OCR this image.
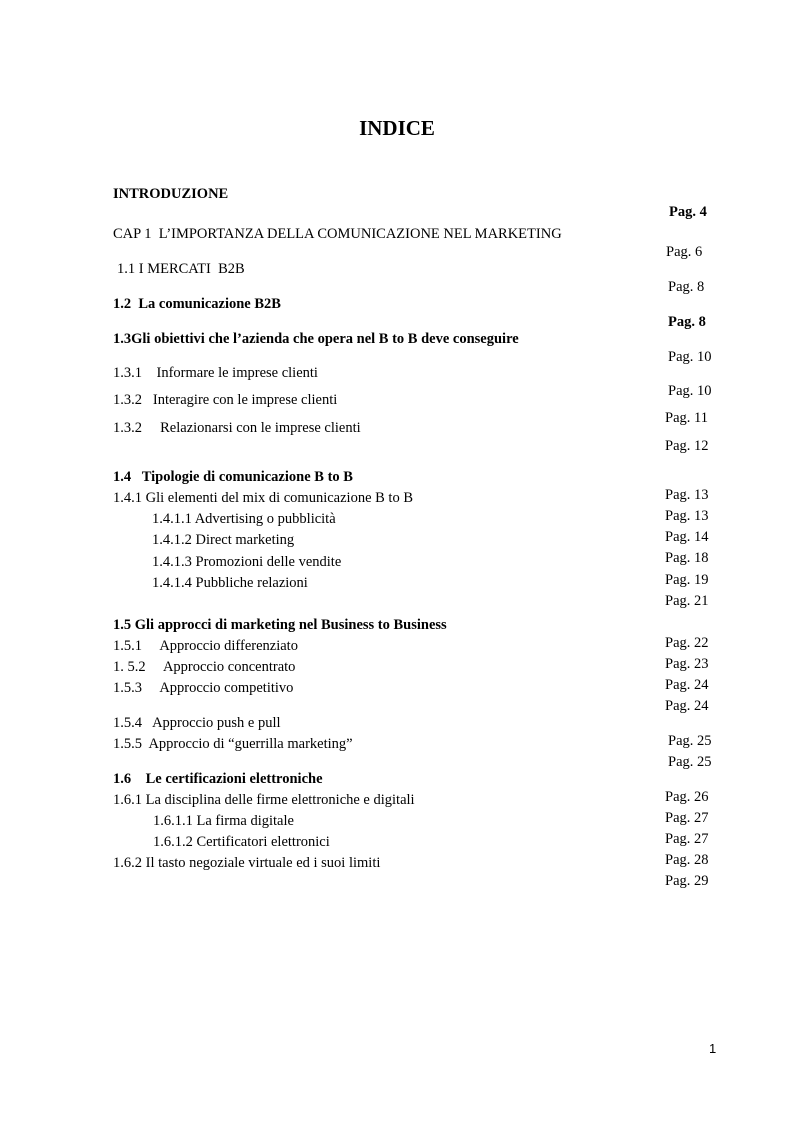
INDICE

INTRODUZIONE

Pag. 4

CAP 1  L’IMPORTANZA DELLA COMUNICAZIONE NEL MARKETING

Pag. 6

1.1 I MERCATI  B2B

Pag. 8

1.2  La comunicazione B2B

Pag. 8

1.3Gli obiettivi che l’azienda che opera nel B to B deve conseguire

Pag. 10

1.3.1    Informare le imprese clienti

Pag. 10

1.3.2   Interagire con le imprese clienti

Pag. 11

1.3.2     Relazionarsi con le imprese clienti

Pag. 12

1.4   Tipologie di comunicazione B to B

Pag. 13

1.4.1 Gli elementi del mix di comunicazione B to B

Pag. 13

1.4.1.1 Advertising o pubblicità

Pag. 14

1.4.1.2 Direct marketing

Pag. 18

1.4.1.3 Promozioni delle vendite

Pag. 19

1.4.1.4 Pubbliche relazioni

Pag. 21

1.5 Gli approcci di marketing nel Business to Business

Pag. 22

1.5.1     Approccio differenziato

Pag. 23

1. 5.2     Approccio concentrato

Pag. 24

1.5.3     Approccio competitivo

Pag. 24

1.5.4   Approccio push e pull

Pag. 25

1.5.5  Approccio di “guerrilla marketing”

Pag. 25

1.6    Le certificazioni elettroniche

Pag. 26

1.6.1 La disciplina delle firme elettroniche e digitali

Pag. 27

1.6.1.1 La firma digitale

Pag. 27

1.6.1.2 Certificatori elettronici

Pag. 28

1.6.2 Il tasto negoziale virtuale ed i suoi limiti

Pag. 29

1
